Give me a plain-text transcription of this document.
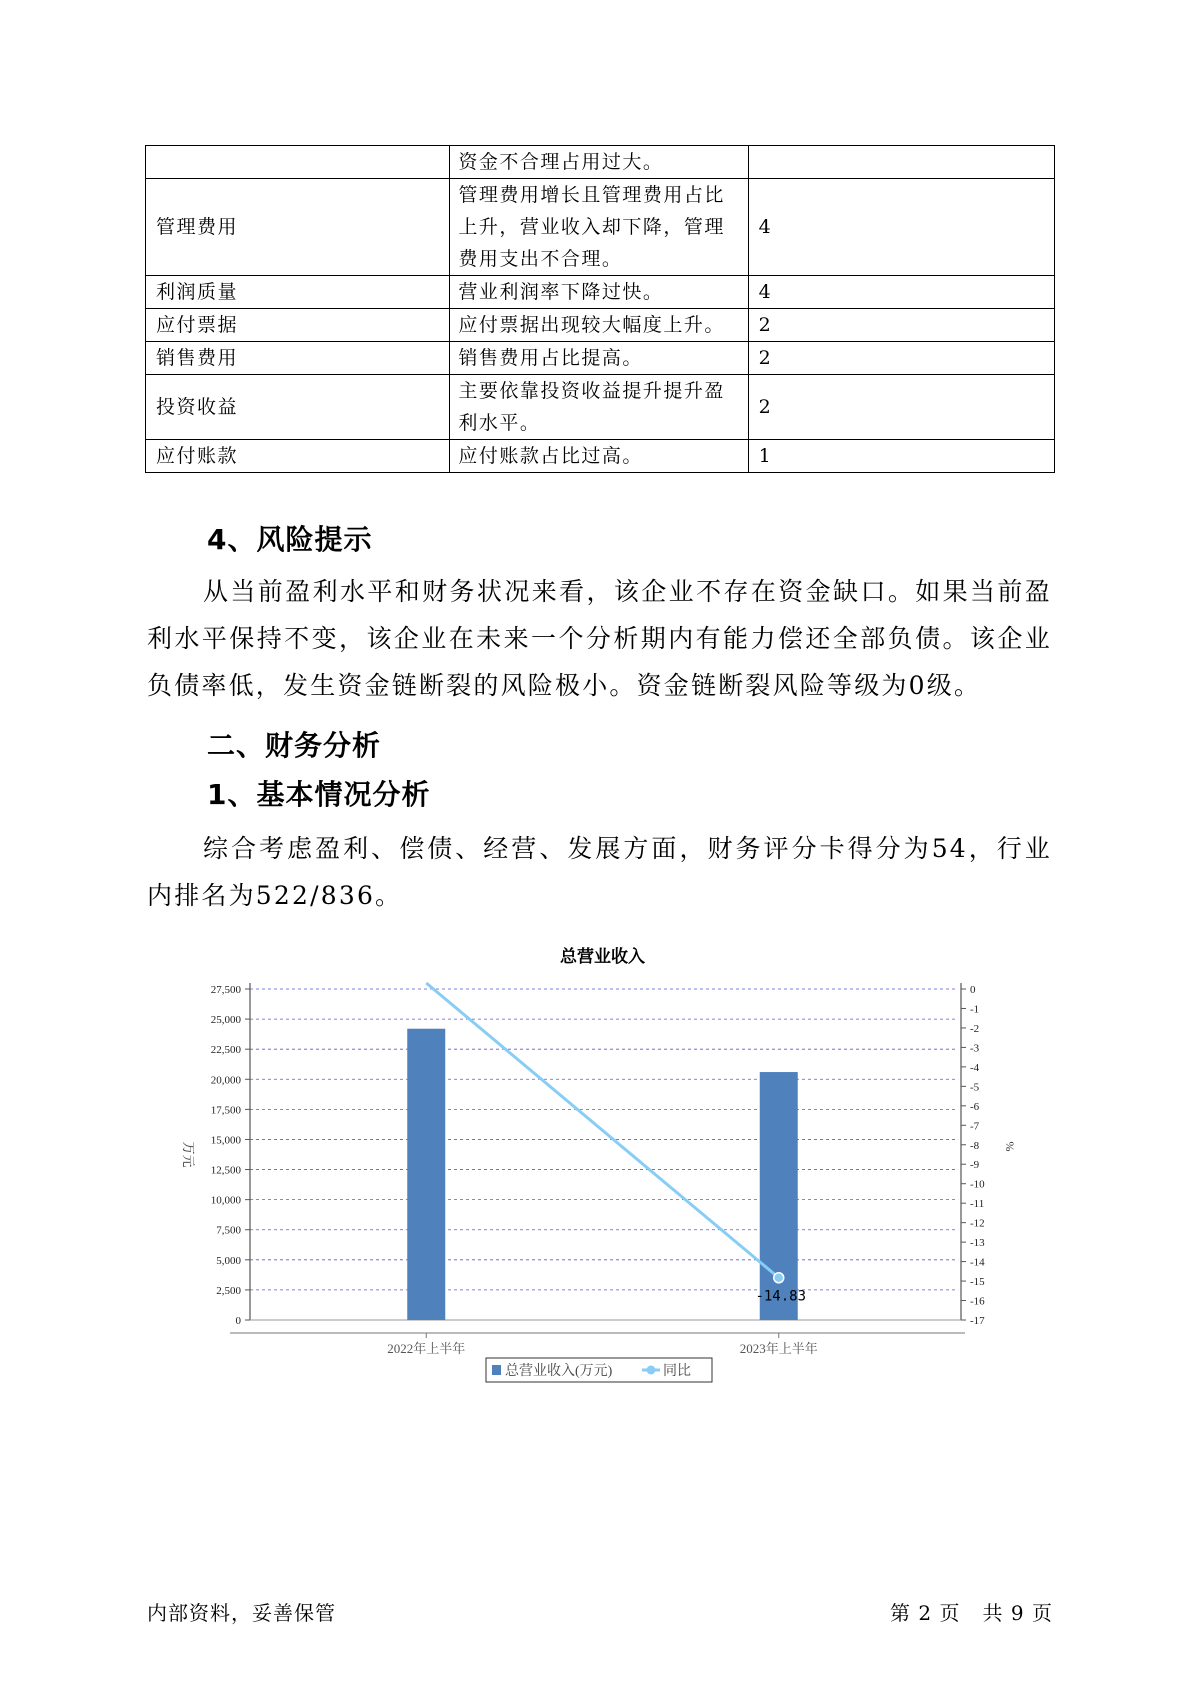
	资金不合理占用过大。	
管理费用	管理费用增长且管理费用占比上升，营业收入却下降，管理费用支出不合理。	4
利润质量	营业利润率下降过快。	4
应付票据	应付票据出现较大幅度上升。	2
销售费用	销售费用占比提高。	2
投资收益	主要依靠投资收益提升提升盈利水平。	2
应付账款	应付账款占比过高。	1
4、风险提示
从当前盈利水平和财务状况来看，该企业不存在资金缺口。如果当前盈利水平保持不变，该企业在未来一个分析期内有能力偿还全部负债。该企业负债率低，发生资金链断裂的风险极小。资金链断裂风险等级为0级。
二、财务分析
1、基本情况分析
综合考虑盈利、偿债、经营、发展方面，财务评分卡得分为54，行业内排名为522/836。
总营业收入
0
2,500
5,000
7,500
10,000
12,500
15,000
17,500
20,000
22,500
25,000
27,500	0
-1
-2
-3
-4
-5
-6
-7
-8
-9
-10
-11
-12
-13
-14
-15
-16
-17
万元	%
2022年上半年	2023年上半年
-14.83
总营业收入(万元)	同比
内部资料，妥善保管	第 2 页   共 9 页
